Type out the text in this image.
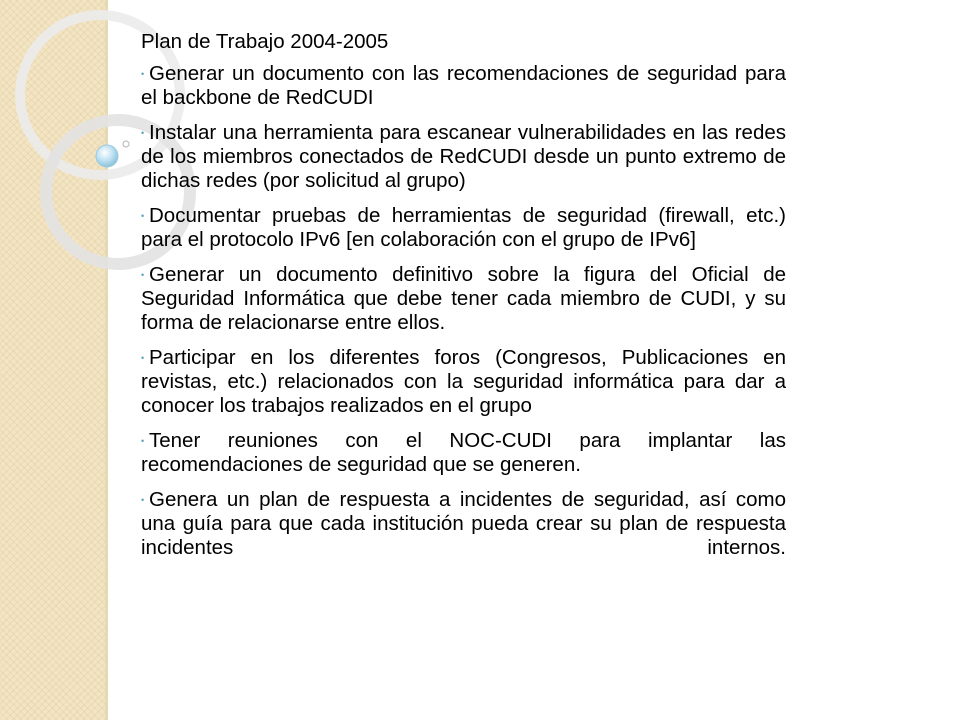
Plan de Trabajo 2004-2005
• Generar un documento con las recomendaciones de seguridad para el backbone de RedCUDI
• Instalar una herramienta para escanear vulnerabilidades en las redes de los miembros conectados de RedCUDI desde un punto extremo de dichas redes (por solicitud al grupo)
• Documentar pruebas de herramientas de seguridad (firewall, etc.) para el protocolo IPv6 [en colaboración con el grupo de IPv6]
• Generar un documento definitivo sobre la figura del Oficial de Seguridad Informática que debe tener cada miembro de CUDI, y su forma de relacionarse entre ellos.
• Participar en los diferentes foros (Congresos, Publicaciones en revistas, etc.) relacionados con la seguridad informática para dar a conocer los trabajos realizados en el grupo
• Tener reuniones con el NOC-CUDI para implantar las recomendaciones de seguridad que se generen.
• Genera un plan de respuesta a incidentes de seguridad, así como una guía para que cada institución pueda crear su plan de respuesta incidentes internos.
